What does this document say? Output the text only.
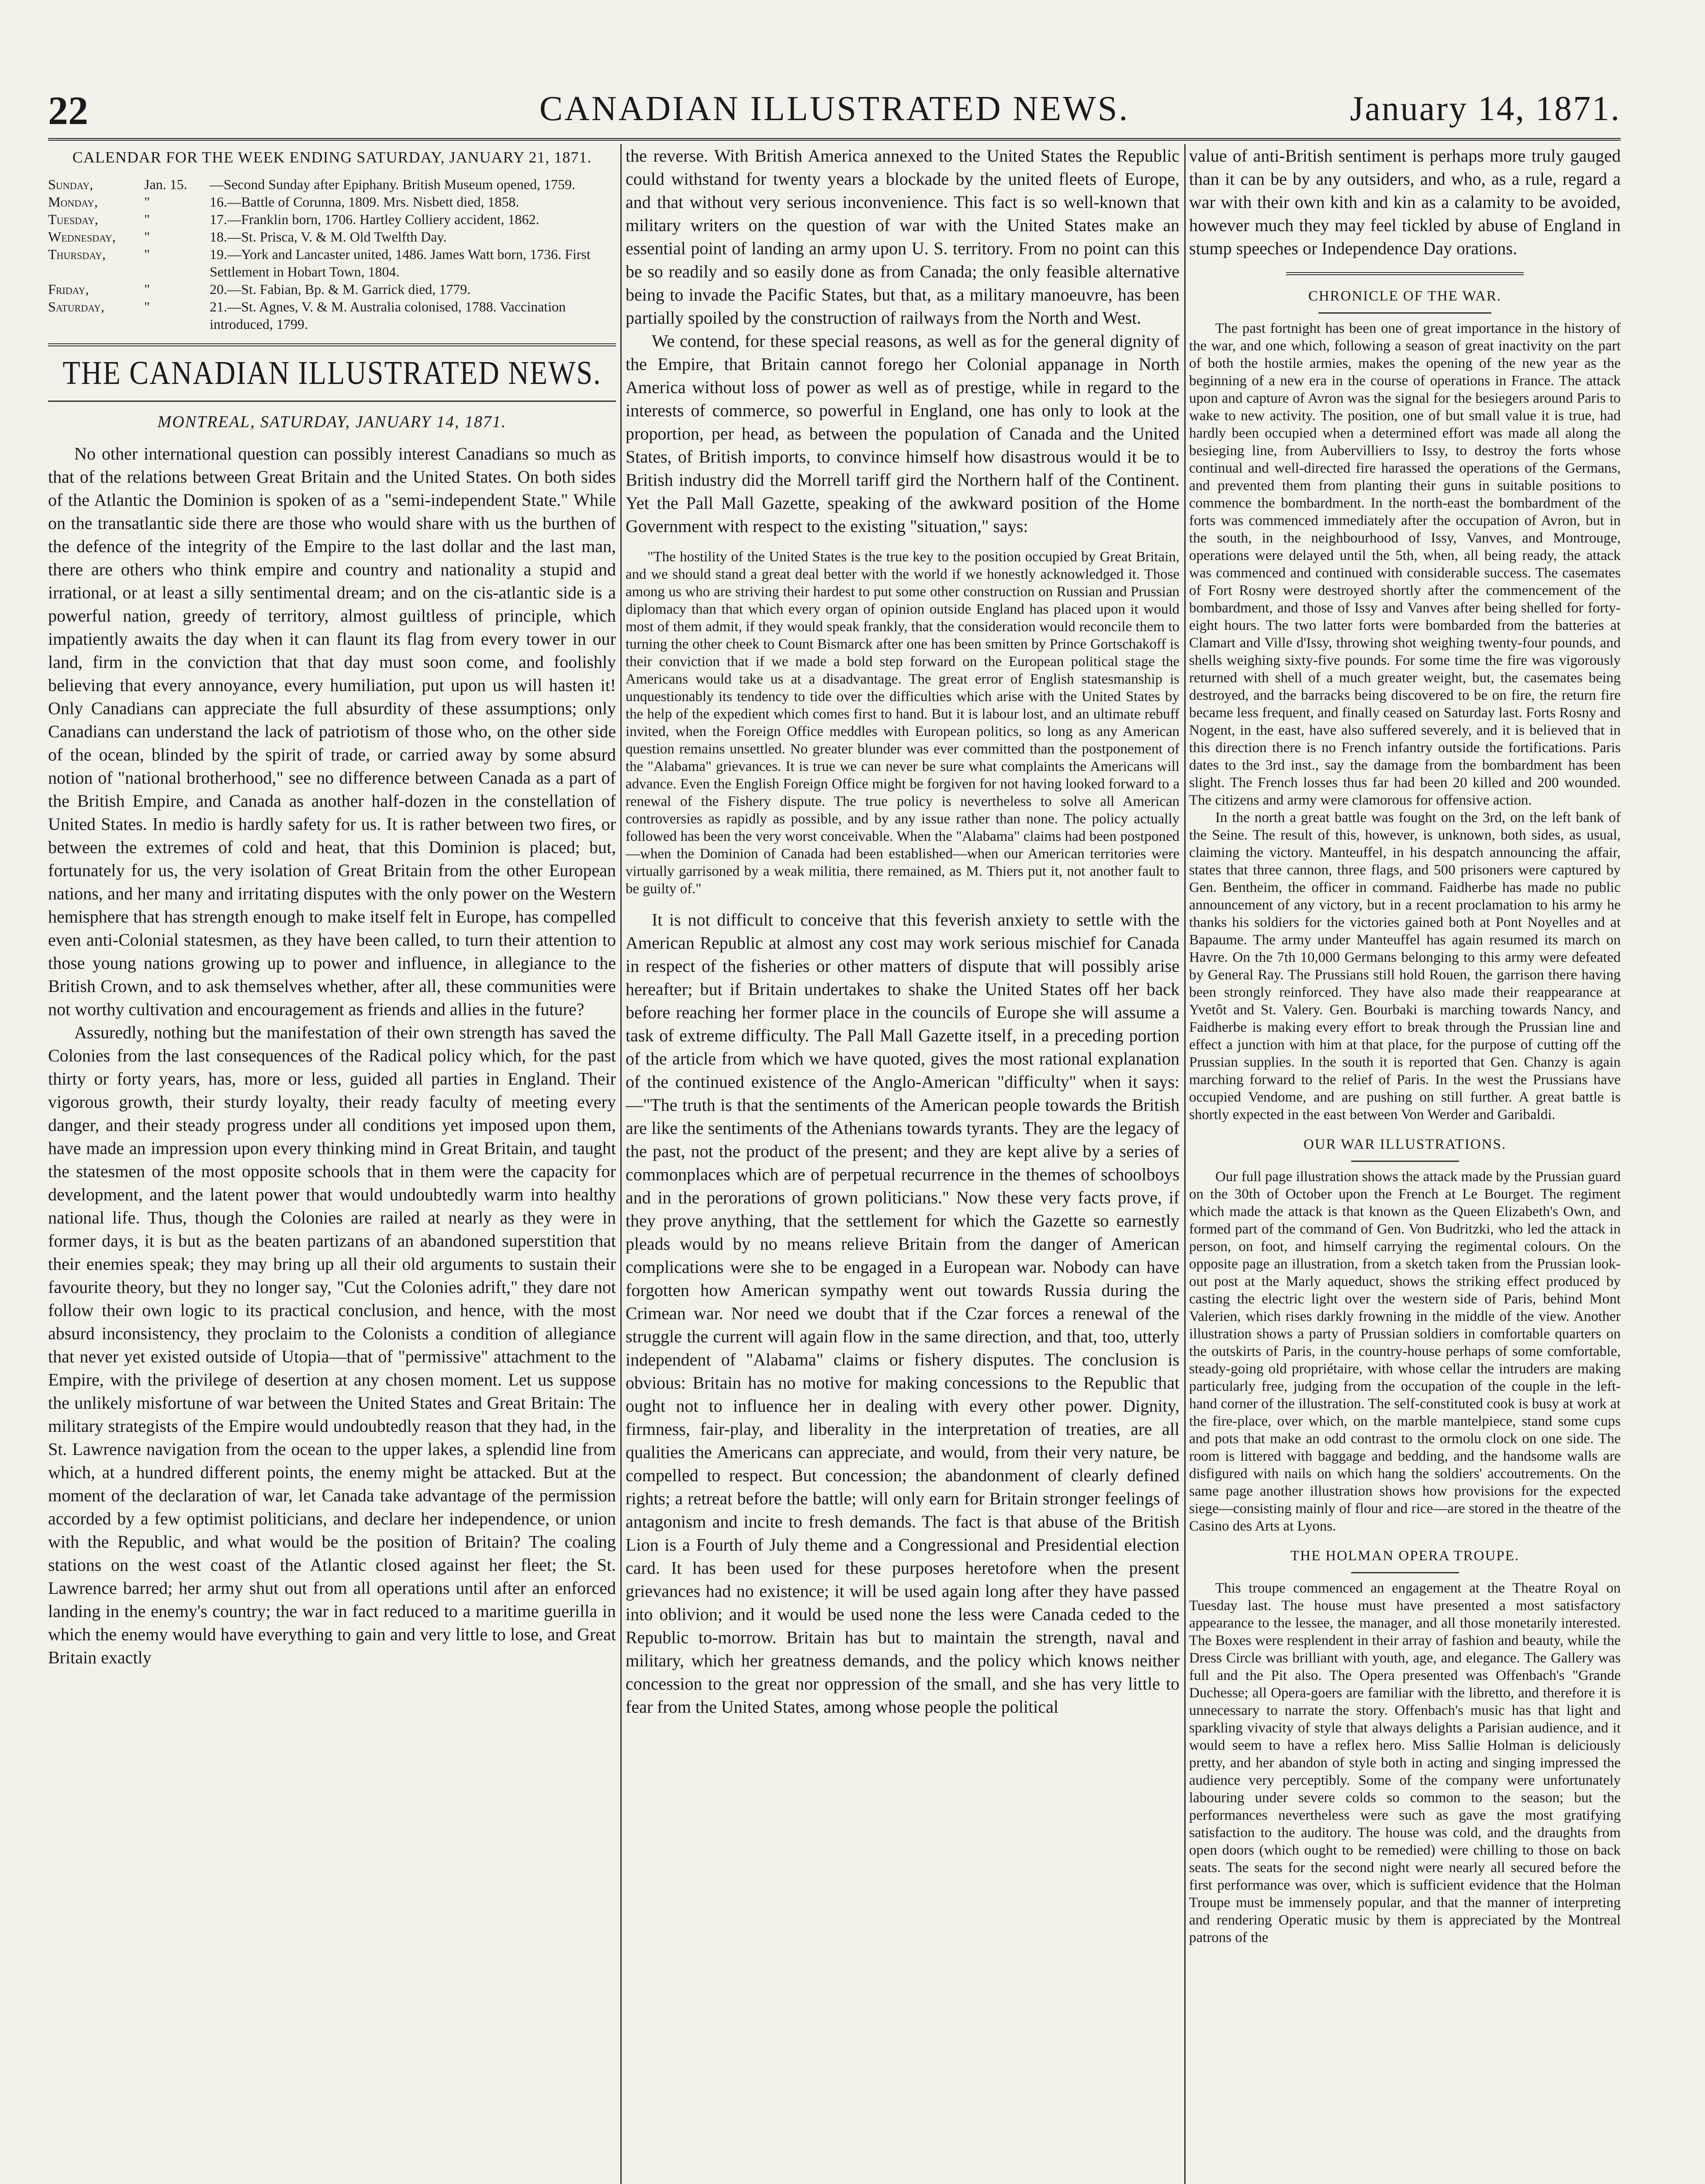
22	CANADIAN ILLUSTRATED NEWS.	January 14, 1871.
CALENDAR FOR THE WEEK ENDING SATURDAY, JANUARY 21, 1871.
Sunday,	Jan. 15.	—Second Sunday after Epiphany. British Museum opened, 1759.
Monday,	"	16.—Battle of Corunna, 1809. Mrs. Nisbett died, 1858.
Tuesday,	"	17.—Franklin born, 1706. Hartley Colliery accident, 1862.
Wednesday,	"	18.—St. Prisca, V. & M. Old Twelfth Day.
Thursday,	"	19.—York and Lancaster united, 1486. James Watt born, 1736. First Settlement in Hobart Town, 1804.
Friday,	"	20.—St. Fabian, Bp. & M. Garrick died, 1779.
Saturday,	"	21.—St. Agnes, V. & M. Australia colonised, 1788. Vaccination introduced, 1799.
THE CANADIAN ILLUSTRATED NEWS.
MONTREAL, SATURDAY, JANUARY 14, 1871.

No other international question can possibly interest Canadians so much as that of the relations between Great Britain and the United States. On both sides of the Atlantic the Dominion is spoken of as a "semi-independent State." While on the transatlantic side there are those who would share with us the burthen of the defence of the integrity of the Empire to the last dollar and the last man, there are others who think empire and country and nationality a stupid and irrational, or at least a silly sentimental dream; and on the cis-atlantic side is a powerful nation, greedy of territory, almost guiltless of principle, which impatiently awaits the day when it can flaunt its flag from every tower in our land, firm in the conviction that that day must soon come, and foolishly believing that every annoyance, every humiliation, put upon us will hasten it! Only Canadians can appreciate the full absurdity of these assumptions; only Canadians can understand the lack of patriotism of those who, on the other side of the ocean, blinded by the spirit of trade, or carried away by some absurd notion of "national brotherhood," see no difference between Canada as a part of the British Empire, and Canada as another half-dozen in the constellation of United States. In medio is hardly safety for us. It is rather between two fires, or between the extremes of cold and heat, that this Dominion is placed; but, fortunately for us, the very isolation of Great Britain from the other European nations, and her many and irritating disputes with the only power on the Western hemisphere that has strength enough to make itself felt in Europe, has compelled even anti-Colonial statesmen, as they have been called, to turn their attention to those young nations growing up to power and influence, in allegiance to the British Crown, and to ask themselves whether, after all, these communities were not worthy cultivation and encouragement as friends and allies in the future?

Assuredly, nothing but the manifestation of their own strength has saved the Colonies from the last consequences of the Radical policy which, for the past thirty or forty years, has, more or less, guided all parties in England. Their vigorous growth, their sturdy loyalty, their ready faculty of meeting every danger, and their steady progress under all conditions yet imposed upon them, have made an impression upon every thinking mind in Great Britain, and taught the statesmen of the most opposite schools that in them were the capacity for development, and the latent power that would undoubtedly warm into healthy national life. Thus, though the Colonies are railed at nearly as they were in former days, it is but as the beaten partizans of an abandoned superstition that their enemies speak; they may bring up all their old arguments to sustain their favourite theory, but they no longer say, "Cut the Colonies adrift," they dare not follow their own logic to its practical conclusion, and hence, with the most absurd inconsistency, they proclaim to the Colonists a condition of allegiance that never yet existed outside of Utopia—that of "permissive" attachment to the Empire, with the privilege of desertion at any chosen moment. Let us suppose the unlikely misfortune of war between the United States and Great Britain: The military strategists of the Empire would undoubtedly reason that they had, in the St. Lawrence navigation from the ocean to the upper lakes, a splendid line from which, at a hundred different points, the enemy might be attacked. But at the moment of the declaration of war, let Canada take advantage of the permission accorded by a few optimist politicians, and declare her independence, or union with the Republic, and what would be the position of Britain? The coaling stations on the west coast of the Atlantic closed against her fleet; the St. Lawrence barred; her army shut out from all operations until after an enforced landing in the enemy's country; the war in fact reduced to a maritime guerilla in which the enemy would have everything to gain and very little to lose, and Great Britain exactly

the reverse. With British America annexed to the United States the Republic could withstand for twenty years a blockade by the united fleets of Europe, and that without very serious inconvenience. This fact is so well-known that military writers on the question of war with the United States make an essential point of landing an army upon U. S. territory. From no point can this be so readily and so easily done as from Canada; the only feasible alternative being to invade the Pacific States, but that, as a military manoeuvre, has been partially spoiled by the construction of railways from the North and West.

We contend, for these special reasons, as well as for the general dignity of the Empire, that Britain cannot forego her Colonial appanage in North America without loss of power as well as of prestige, while in regard to the interests of commerce, so powerful in England, one has only to look at the proportion, per head, as between the population of Canada and the United States, of British imports, to convince himself how disastrous would it be to British industry did the Morrell tariff gird the Northern half of the Continent. Yet the Pall Mall Gazette, speaking of the awkward position of the Home Government with respect to the existing "situation," says:

"The hostility of the United States is the true key to the position occupied by Great Britain, and we should stand a great deal better with the world if we honestly acknowledged it. Those among us who are striving their hardest to put some other construction on Russian and Prussian diplomacy than that which every organ of opinion outside England has placed upon it would most of them admit, if they would speak frankly, that the consideration would reconcile them to turning the other cheek to Count Bismarck after one has been smitten by Prince Gortschakoff is their conviction that if we made a bold step forward on the European political stage the Americans would take us at a disadvantage. The great error of English statesmanship is unquestionably its tendency to tide over the difficulties which arise with the United States by the help of the expedient which comes first to hand. But it is labour lost, and an ultimate rebuff invited, when the Foreign Office meddles with European politics, so long as any American question remains unsettled. No greater blunder was ever committed than the postponement of the "Alabama" grievances. It is true we can never be sure what complaints the Americans will advance. Even the English Foreign Office might be forgiven for not having looked forward to a renewal of the Fishery dispute. The true policy is nevertheless to solve all American controversies as rapidly as possible, and by any issue rather than none. The policy actually followed has been the very worst conceivable. When the "Alabama" claims had been postponed—when the Dominion of Canada had been established—when our American territories were virtually garrisoned by a weak militia, there remained, as M. Thiers put it, not another fault to be guilty of."

It is not difficult to conceive that this feverish anxiety to settle with the American Republic at almost any cost may work serious mischief for Canada in respect of the fisheries or other matters of dispute that will possibly arise hereafter; but if Britain undertakes to shake the United States off her back before reaching her former place in the councils of Europe she will assume a task of extreme difficulty. The Pall Mall Gazette itself, in a preceding portion of the article from which we have quoted, gives the most rational explanation of the continued existence of the Anglo-American "difficulty" when it says:—"The truth is that the sentiments of the American people towards the British are like the sentiments of the Athenians towards tyrants. They are the legacy of the past, not the product of the present; and they are kept alive by a series of commonplaces which are of perpetual recurrence in the themes of schoolboys and in the perorations of grown politicians." Now these very facts prove, if they prove anything, that the settlement for which the Gazette so earnestly pleads would by no means relieve Britain from the danger of American complications were she to be engaged in a European war. Nobody can have forgotten how American sympathy went out towards Russia during the Crimean war. Nor need we doubt that if the Czar forces a renewal of the struggle the current will again flow in the same direction, and that, too, utterly independent of "Alabama" claims or fishery disputes. The conclusion is obvious: Britain has no motive for making concessions to the Republic that ought not to influence her in dealing with every other power. Dignity, firmness, fair-play, and liberality in the interpretation of treaties, are all qualities the Americans can appreciate, and would, from their very nature, be compelled to respect. But concession; the abandonment of clearly defined rights; a retreat before the battle; will only earn for Britain stronger feelings of antagonism and incite to fresh demands. The fact is that abuse of the British Lion is a Fourth of July theme and a Congressional and Presidential election card. It has been used for these purposes heretofore when the present grievances had no existence; it will be used again long after they have passed into oblivion; and it would be used none the less were Canada ceded to the Republic to-morrow. Britain has but to maintain the strength, naval and military, which her greatness demands, and the policy which knows neither concession to the great nor oppression of the small, and she has very little to fear from the United States, among whose people the political

value of anti-British sentiment is perhaps more truly gauged than it can be by any outsiders, and who, as a rule, regard a war with their own kith and kin as a calamity to be avoided, however much they may feel tickled by abuse of England in stump speeches or Independence Day orations.

CHRONICLE OF THE WAR.

The past fortnight has been one of great importance in the history of the war, and one which, following a season of great inactivity on the part of both the hostile armies, makes the opening of the new year as the beginning of a new era in the course of operations in France. The attack upon and capture of Avron was the signal for the besiegers around Paris to wake to new activity. The position, one of but small value it is true, had hardly been occupied when a determined effort was made all along the besieging line, from Aubervilliers to Issy, to destroy the forts whose continual and well-directed fire harassed the operations of the Germans, and prevented them from planting their guns in suitable positions to commence the bombardment. In the north-east the bombardment of the forts was commenced immediately after the occupation of Avron, but in the south, in the neighbourhood of Issy, Vanves, and Montrouge, operations were delayed until the 5th, when, all being ready, the attack was commenced and continued with considerable success. The casemates of Fort Rosny were destroyed shortly after the commencement of the bombardment, and those of Issy and Vanves after being shelled for forty-eight hours. The two latter forts were bombarded from the batteries at Clamart and Ville d'Issy, throwing shot weighing twenty-four pounds, and shells weighing sixty-five pounds. For some time the fire was vigorously returned with shell of a much greater weight, but, the casemates being destroyed, and the barracks being discovered to be on fire, the return fire became less frequent, and finally ceased on Saturday last. Forts Rosny and Nogent, in the east, have also suffered severely, and it is believed that in this direction there is no French infantry outside the fortifications. Paris dates to the 3rd inst., say the damage from the bombardment has been slight. The French losses thus far had been 20 killed and 200 wounded. The citizens and army were clamorous for offensive action.

In the north a great battle was fought on the 3rd, on the left bank of the Seine. The result of this, however, is unknown, both sides, as usual, claiming the victory. Manteuffel, in his despatch announcing the affair, states that three cannon, three flags, and 500 prisoners were captured by Gen. Bentheim, the officer in command. Faidherbe has made no public announcement of any victory, but in a recent proclamation to his army he thanks his soldiers for the victories gained both at Pont Noyelles and at Bapaume. The army under Manteuffel has again resumed its march on Havre. On the 7th 10,000 Germans belonging to this army were defeated by General Ray. The Prussians still hold Rouen, the garrison there having been strongly reinforced. They have also made their reappearance at Yvetôt and St. Valery. Gen. Bourbaki is marching towards Nancy, and Faidherbe is making every effort to break through the Prussian line and effect a junction with him at that place, for the purpose of cutting off the Prussian supplies. In the south it is reported that Gen. Chanzy is again marching forward to the relief of Paris. In the west the Prussians have occupied Vendome, and are pushing on still further. A great battle is shortly expected in the east between Von Werder and Garibaldi.

OUR WAR ILLUSTRATIONS.

Our full page illustration shows the attack made by the Prussian guard on the 30th of October upon the French at Le Bourget. The regiment which made the attack is that known as the Queen Elizabeth's Own, and formed part of the command of Gen. Von Budritzki, who led the attack in person, on foot, and himself carrying the regimental colours. On the opposite page an illustration, from a sketch taken from the Prussian look-out post at the Marly aqueduct, shows the striking effect produced by casting the electric light over the western side of Paris, behind Mont Valerien, which rises darkly frowning in the middle of the view. Another illustration shows a party of Prussian soldiers in comfortable quarters on the outskirts of Paris, in the country-house perhaps of some comfortable, steady-going old propriétaire, with whose cellar the intruders are making particularly free, judging from the occupation of the couple in the left-hand corner of the illustration. The self-constituted cook is busy at work at the fire-place, over which, on the marble mantelpiece, stand some cups and pots that make an odd contrast to the ormolu clock on one side. The room is littered with baggage and bedding, and the handsome walls are disfigured with nails on which hang the soldiers' accoutrements. On the same page another illustration shows how provisions for the expected siege—consisting mainly of flour and rice—are stored in the theatre of the Casino des Arts at Lyons.

THE HOLMAN OPERA TROUPE.

This troupe commenced an engagement at the Theatre Royal on Tuesday last. The house must have presented a most satisfactory appearance to the lessee, the manager, and all those monetarily interested. The Boxes were resplendent in their array of fashion and beauty, while the Dress Circle was brilliant with youth, age, and elegance. The Gallery was full and the Pit also. The Opera presented was Offenbach's "Grande Duchesse; all Opera-goers are familiar with the libretto, and therefore it is unnecessary to narrate the story. Offenbach's music has that light and sparkling vivacity of style that always delights a Parisian audience, and it would seem to have a reflex hero. Miss Sallie Holman is deliciously pretty, and her abandon of style both in acting and singing impressed the audience very perceptibly. Some of the company were unfortunately labouring under severe colds so common to the season; but the performances nevertheless were such as gave the most gratifying satisfaction to the auditory. The house was cold, and the draughts from open doors (which ought to be remedied) were chilling to those on back seats. The seats for the second night were nearly all secured before the first performance was over, which is sufficient evidence that the Holman Troupe must be immensely popular, and that the manner of interpreting and rendering Operatic music by them is appreciated by the Montreal patrons of the
